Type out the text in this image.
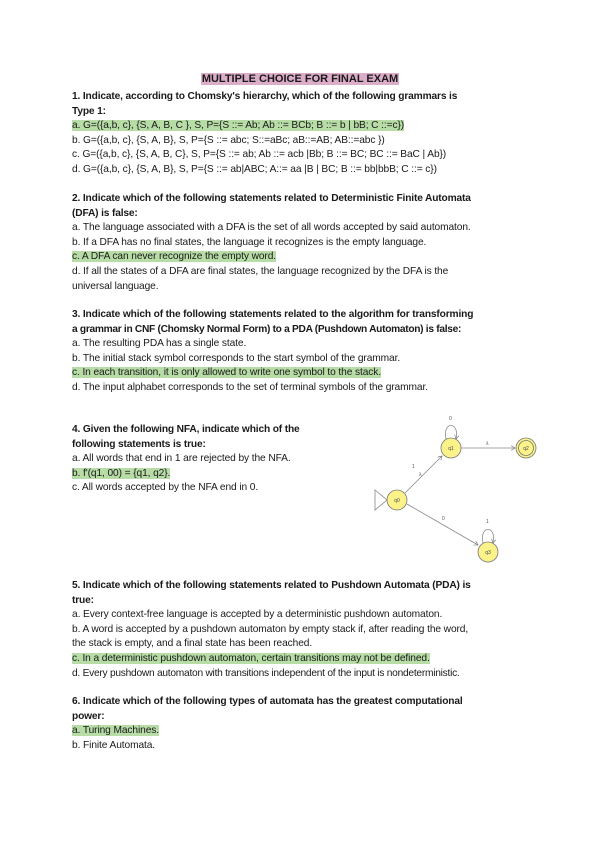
MULTIPLE CHOICE FOR FINAL EXAM
1. Indicate, according to Chomsky's hierarchy, which of the following grammars is
Type 1:
a. G=({a,b, c}, {S, A, B, C }, S, P={S ::= Ab; Ab ::= BCb; B ::= b | bB; C ::=c})
b. G=({a,b, c}, {S, A, B}, S, P={S ::= abc; S::=aBc; aB::=AB; AB::=abc })
c. G=({a,b, c}, {S, A, B, C}, S, P={S ::= ab; Ab ::= acb |Bb; B ::= BC; BC ::= BaC | Ab})
d. G=({a,b, c}, {S, A, B}, S, P={S ::= ab|ABC; A::= aa |B | BC; B ::= bb|bbB; C ::= c})
2. Indicate which of the following statements related to Deterministic Finite Automata
(DFA) is false:
a. The language associated with a DFA is the set of all words accepted by said automaton.
b. If a DFA has no final states, the language it recognizes is the empty language.
c. A DFA can never recognize the empty word.
d. If all the states of a DFA are final states, the language recognized by the DFA is the
universal language.
3. Indicate which of the following statements related to the algorithm for transforming
a grammar in CNF (Chomsky Normal Form) to a PDA (Pushdown Automaton) is false:
a. The resulting PDA has a single state.
b. The initial stack symbol corresponds to the start symbol of the grammar.
c. In each transition, it is only allowed to write one symbol to the stack.
d. The input alphabet corresponds to the set of terminal symbols of the grammar.
4. Given the following NFA, indicate which of the
following statements is true:
a. All words that end in 1 are rejected by the NFA.
b. f'(q1, 00) = {q1, q2}.
c. All words accepted by the NFA end in 0.
1
λ
0
λ
0	1
q0
q1	q2
q3
5. Indicate which of the following statements related to Pushdown Automata (PDA) is
true:
a. Every context-free language is accepted by a deterministic pushdown automaton.
b. A word is accepted by a pushdown automaton by empty stack if, after reading the word,
the stack is empty, and a final state has been reached.
c. In a deterministic pushdown automaton, certain transitions may not be defined.
d. Every pushdown automaton with transitions independent of the input is nondeterministic.
6. Indicate which of the following types of automata has the greatest computational
power:
a. Turing Machines.
b. Finite Automata.
